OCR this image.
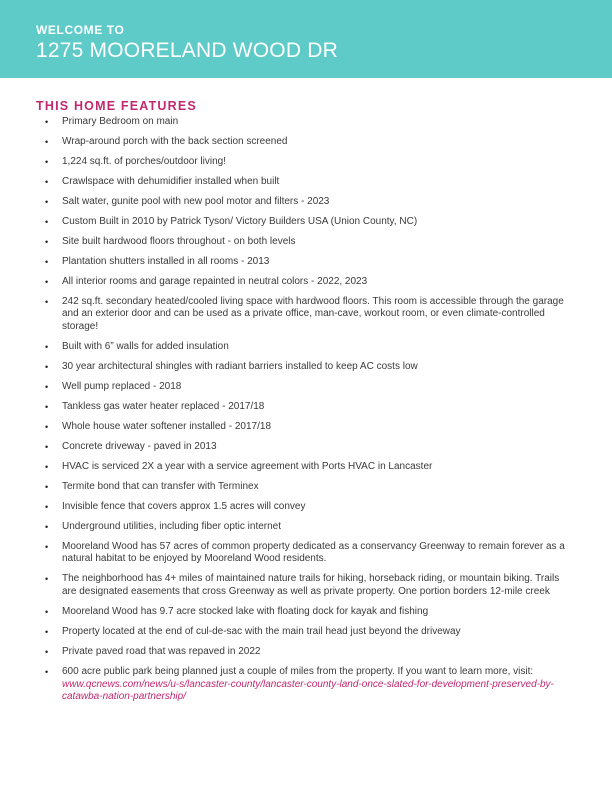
WELCOME TO
1275 MOORELAND WOOD DR
THIS HOME FEATURES
• Primary Bedroom on main
• Wrap-around porch with the back section screened
• 1,224 sq.ft. of porches/outdoor living!
• Crawlspace with dehumidifier installed when built
• Salt water, gunite pool with new pool motor and filters - 2023
• Custom Built in 2010 by Patrick Tyson/ Victory Builders USA (Union County, NC)
• Site built hardwood floors throughout - on both levels
• Plantation shutters installed in all rooms - 2013
• All interior rooms and garage repainted in neutral colors - 2022, 2023
• 242 sq.ft. secondary heated/cooled living space with hardwood floors. This room is accessible through the garage and an exterior door and can be used as a private office, man-cave, workout room, or even climate-controlled storage!
• Built with 6” walls for added insulation
• 30 year architectural shingles with radiant barriers installed to keep AC costs low
• Well pump replaced - 2018
• Tankless gas water heater replaced - 2017/18
• Whole house water softener installed - 2017/18
• Concrete driveway - paved in 2013
• HVAC is serviced 2X a year with a service agreement with Ports HVAC in Lancaster
• Termite bond that can transfer with Terminex
• Invisible fence that covers approx 1.5 acres will convey
• Underground utilities, including fiber optic internet
• Mooreland Wood has 57 acres of common property dedicated as a conservancy Greenway to remain forever as a natural habitat to be enjoyed by Mooreland Wood residents.
• The neighborhood has 4+ miles of maintained nature trails for hiking, horseback riding, or mountain biking. Trails are designated easements that cross Greenway as well as private property. One portion borders 12-mile creek
• Mooreland Wood has 9.7 acre stocked lake with floating dock for kayak and fishing
• Property located at the end of cul-de-sac with the main trail head just beyond the driveway
• Private paved road that was repaved in 2022
• 600 acre public park being planned just a couple of miles from the property. If you want to learn more, visit: www.qcnews.com/news/u-s/lancaster-county/lancaster-county-land-once-slated-for-development-preserved-by-catawba-nation-partnership/
